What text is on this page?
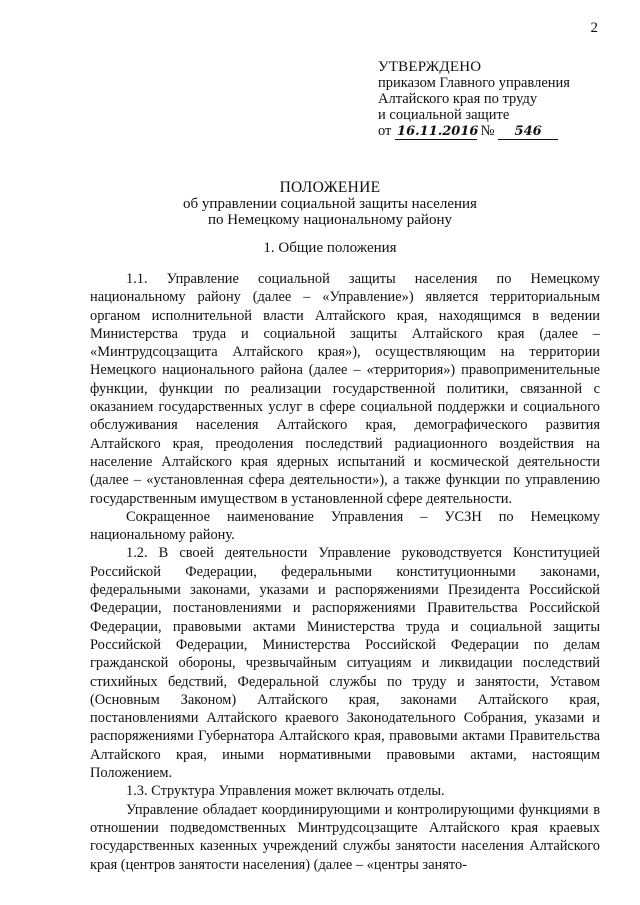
2
УТВЕРЖДЕНО
приказом Главного управления
Алтайского края по труду
и социальной защите
от 16.11.2016 № 546
ПОЛОЖЕНИЕ
об управлении социальной защиты населения
по Немецкому национальному району
1. Общие положения

1.1. Управление социальной защиты населения по Немецкому национальному району (далее – «Управление») является территориальным органом исполнительной власти Алтайского края, находящимся в ведении Министерства труда и социальной защиты Алтайского края (далее – «Минтрудсоцзащита Алтайского края»), осуществляющим на территории Немецкого национального района (далее – «территория») правоприменительные функции, функции по реализации государственной политики, связанной с оказанием государственных услуг в сфере социальной поддержки и социального обслуживания населения Алтайского края, демографического развития Алтайского края, преодоления последствий радиационного воздействия на население Алтайского края ядерных испытаний и космической деятельности (далее – «установленная сфера деятельности»), а также функции по управлению государственным имуществом в установленной сфере деятельности.

Сокращенное наименование Управления – УСЗН по Немецкому национальному району.

1.2. В своей деятельности Управление руководствуется Конституцией Российской Федерации, федеральными конституционными законами, федеральными законами, указами и распоряжениями Президента Российской Федерации, постановлениями и распоряжениями Правительства Российской Федерации, правовыми актами Министерства труда и социальной защиты Российской Федерации, Министерства Российской Федерации по делам гражданской обороны, чрезвычайным ситуациям и ликвидации последствий стихийных бедствий, Федеральной службы по труду и занятости, Уставом (Основным Законом) Алтайского края, законами Алтайского края, постановлениями Алтайского краевого Законодательного Собрания, указами и распоряжениями Губернатора Алтайского края, правовыми актами Правительства Алтайского края, иными нормативными правовыми актами, настоящим Положением.

1.3. Структура Управления может включать отделы.

Управление обладает координирующими и контролирующими функциями в отношении подведомственных Минтрудсоцзащите Алтайского края краевых государственных казенных учреждений службы занятости населения Алтайского края (центров занятости населения) (далее – «центры занято-
